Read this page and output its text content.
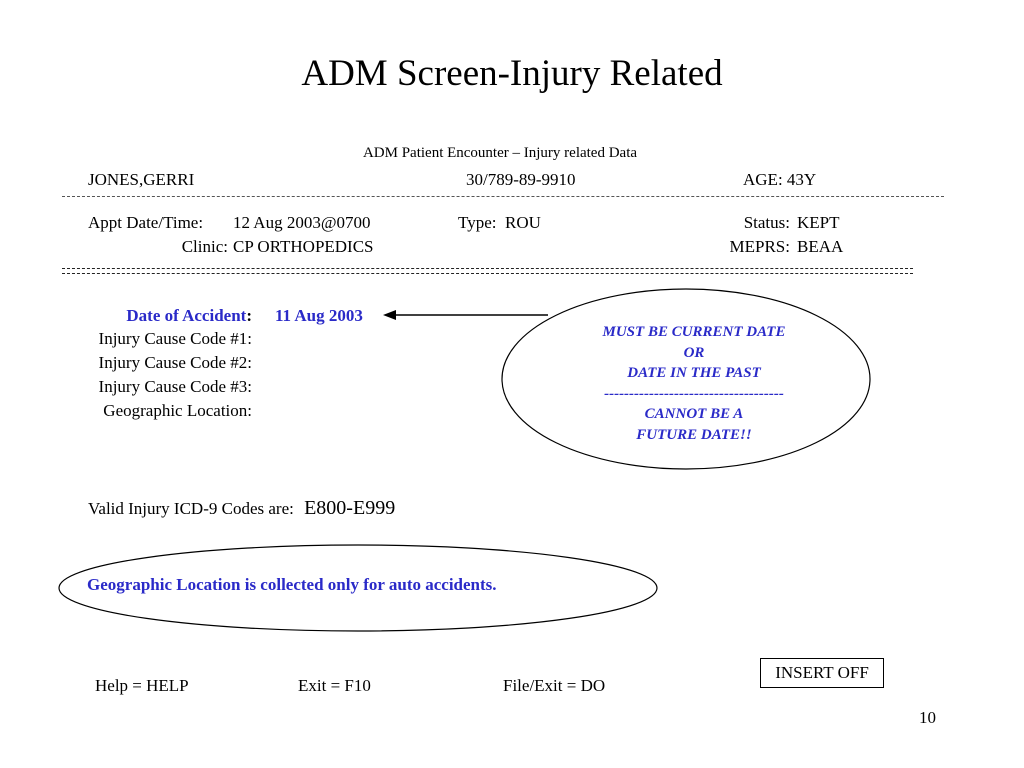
ADM Screen-Injury Related
ADM Patient Encounter – Injury related Data
JONES,GERRI	30/789-89-9910	AGE: 43Y
Appt Date/Time: 12 Aug 2003@0700	Type: ROU	Status: KEPT
Clinic: CP ORTHOPEDICS	MEPRS: BEAA
Date of Accident: 11 Aug 2003
Injury Cause Code #1:
Injury Cause Code #2:
Injury Cause Code #3:
Geographic Location:
MUST BE CURRENT DATE
OR
DATE IN THE PAST
------------------------------------
CANNOT BE A
FUTURE DATE!!
Valid Injury ICD-9 Codes are: E800-E999
Geographic Location is collected only for auto accidents.
Help = HELP	Exit = F10	File/Exit = DO
INSERT OFF
10
